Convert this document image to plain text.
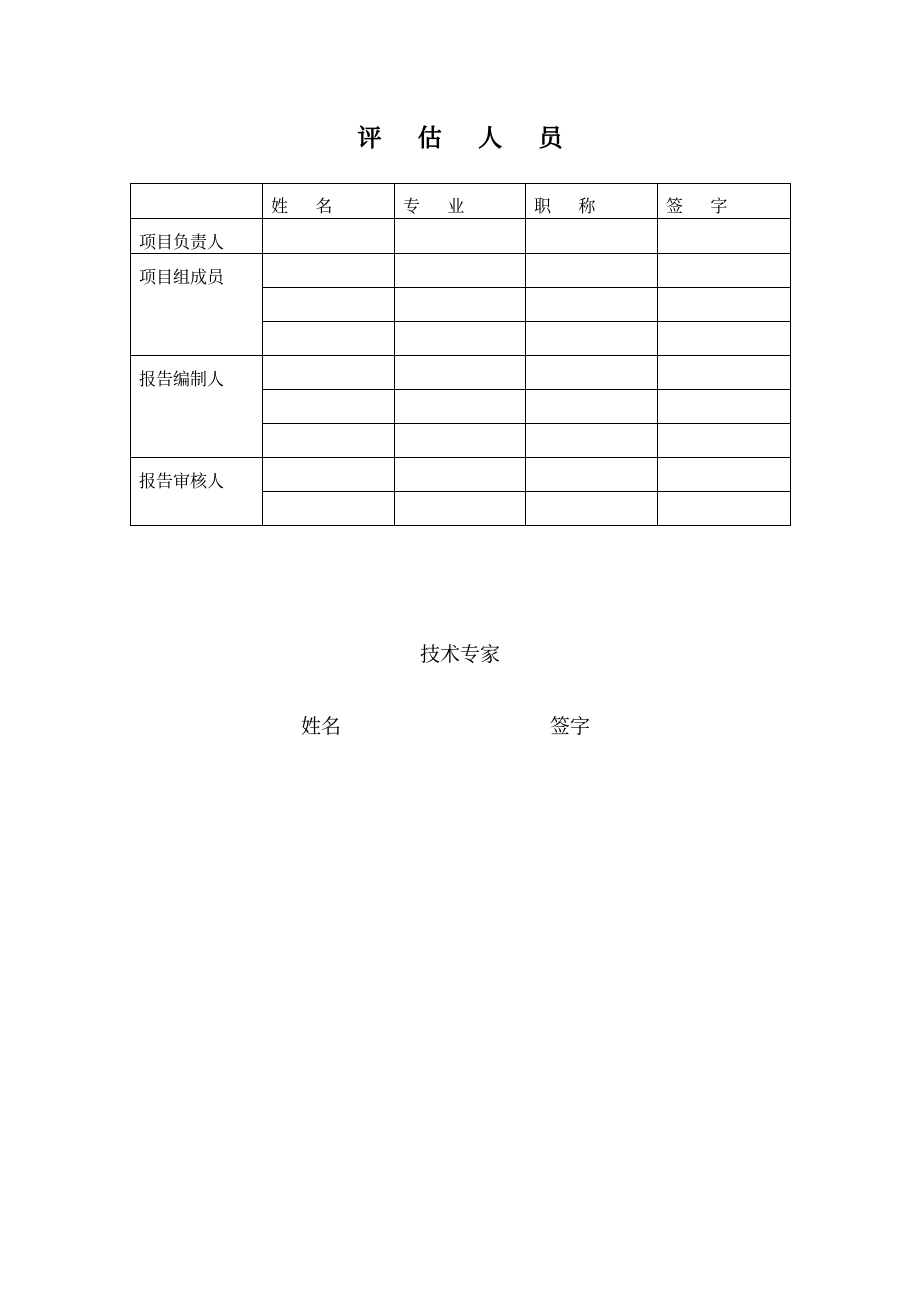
评 估 人 员
	姓 名	专 业	职 称	签 字
项目负责人				
项目组成员				

报告编制人				

报告审核人				

技术专家
姓名	签字
